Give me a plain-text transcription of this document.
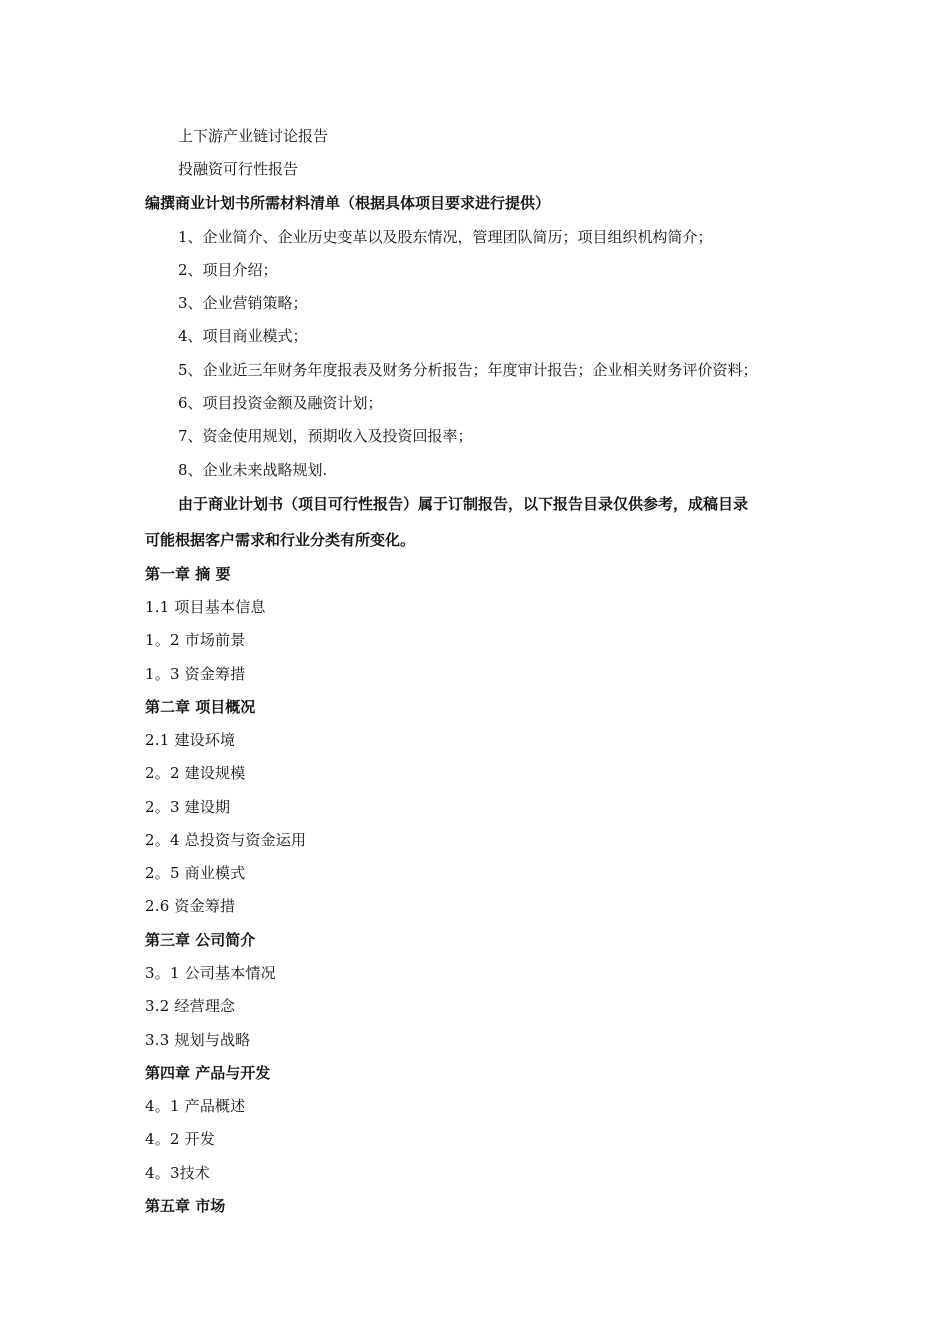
上下游产业链讨论报告
投融资可行性报告
编撰商业计划书所需材料清单（根据具体项目要求进行提供）
1、企业简介、企业历史变革以及股东情况，管理团队简历；项目组织机构简介；
2、项目介绍；
3、企业营销策略；
4、项目商业模式；
5、企业近三年财务年度报表及财务分析报告；年度审计报告；企业相关财务评价资料；
6、项目投资金额及融资计划；
7、资金使用规划，预期收入及投资回报率；
8、企业未来战略规划.
由于商业计划书（项目可行性报告）属于订制报告，以下报告目录仅供参考，成稿目录
可能根据客户需求和行业分类有所变化。
第一章 摘 要
1.1 项目基本信息
1。2 市场前景
1。3 资金筹措
第二章 项目概况
2.1 建设环境
2。2 建设规模
2。3 建设期
2。4 总投资与资金运用
2。5 商业模式
2.6 资金筹措
第三章 公司简介
3。1 公司基本情况
3.2 经营理念
3.3 规划与战略
第四章 产品与开发
4。1 产品概述
4。2 开发
4。3技术
第五章 市场
